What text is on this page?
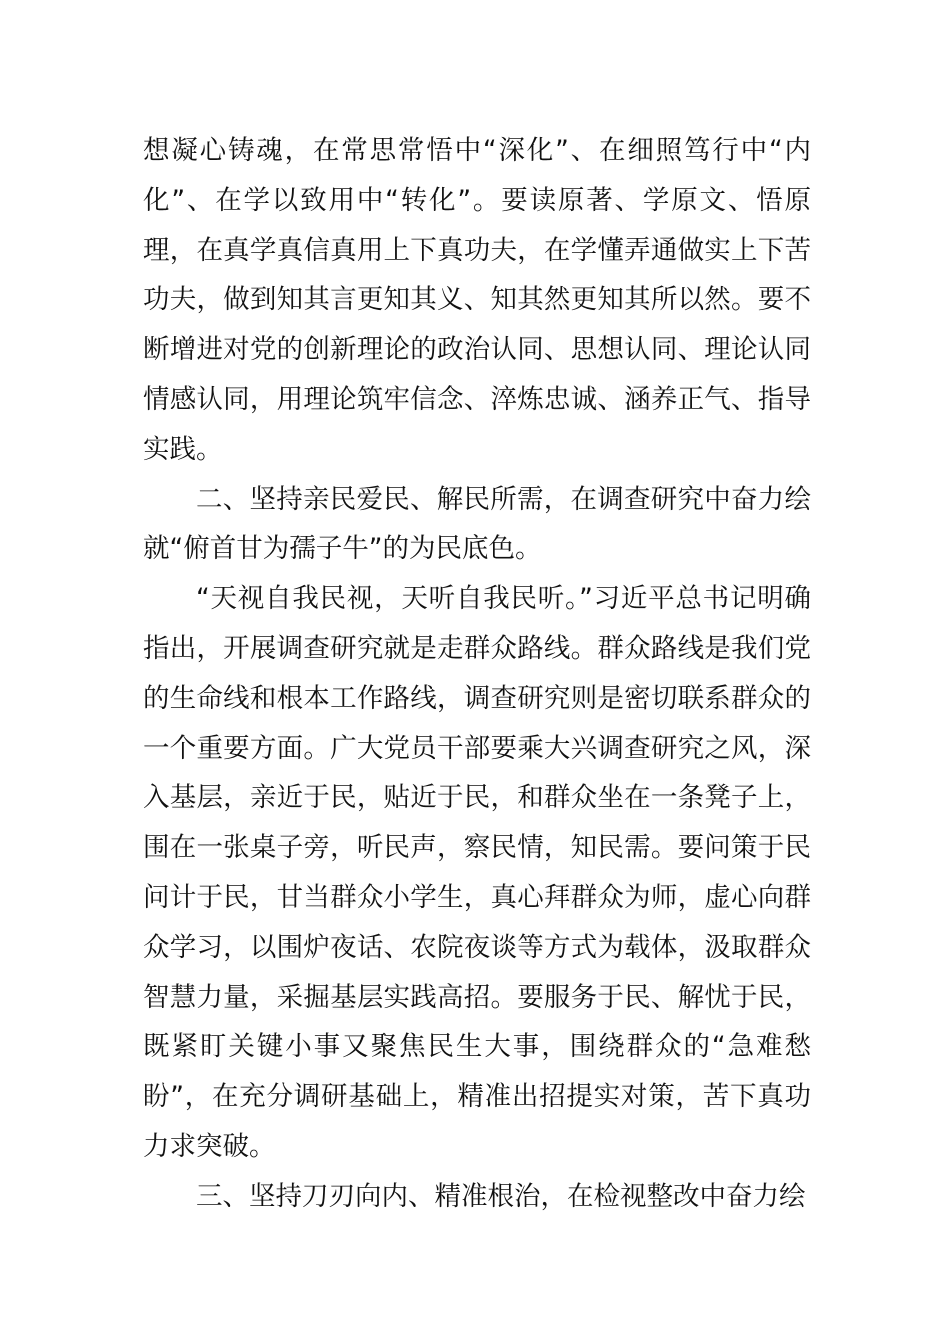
想凝心铸魂，在常思常悟中“深化”、在细照笃行中“内化”、在学以致用中“转化”。要读原著、学原文、悟原理，在真学真信真用上下真功夫，在学懂弄通做实上下苦功夫，做到知其言更知其义、知其然更知其所以然。要不断增进对党的创新理论的政治认同、思想认同、理论认同情感认同，用理论筑牢信念、淬炼忠诚、涵养正气、指导实践。

二、坚持亲民爱民、解民所需，在调查研究中奋力绘就“俯首甘为孺子牛”的为民底色。

“天视自我民视，天听自我民听。”习近平总书记明确指出，开展调查研究就是走群众路线。群众路线是我们党的生命线和根本工作路线，调查研究则是密切联系群众的一个重要方面。广大党员干部要乘大兴调查研究之风，深入基层，亲近于民，贴近于民，和群众坐在一条凳子上，围在一张桌子旁，听民声，察民情，知民需。要问策于民问计于民，甘当群众小学生，真心拜群众为师，虚心向群众学习，以围炉夜话、农院夜谈等方式为载体，汲取群众智慧力量，采掘基层实践高招。要服务于民、解忧于民，既紧盯关键小事又聚焦民生大事，围绕群众的“急难愁盼”，在充分调研基础上，精准出招提实对策，苦下真功力求突破。

三、坚持刀刃向内、精准根治，在检视整改中奋力绘
